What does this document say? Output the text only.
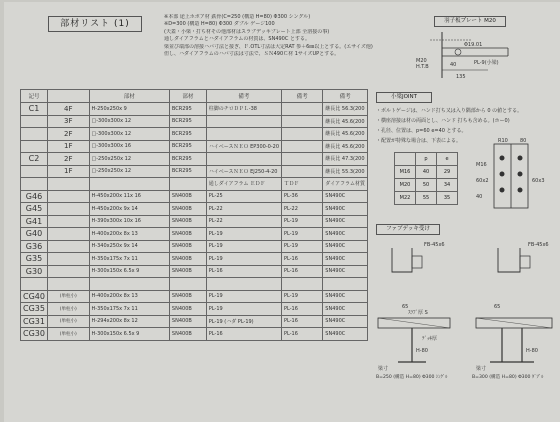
部材リスト (1)
※本部 途上ホボア材 鉄骨(C=250 (構造 H=80) Φ300 シングル)
※D=300 (構造 H=80) Φ300 ダブル ゲージ100
(天蓋・小梁・打ち材その他部材はスラブデッキプレート上部 全溶接の事)
通しダイアフラムとハダイアフラムの材質は、SN490C とする。
梁並び端部の溶接ハバ寸法と接ぎ、Ｆ.OTL寸法は大定RAT 参＋6㎜以上とする。(エサイズ他)
但し、ハダイアフラムのハバ寸法は寸法で、ＳＮ490Ｃ材 1サイズUPとする。
記号		部材	部材	備考	備考	備考
C1	4F	H-250x250x 9	BCR295	柱脚のチロＤＰＬ-38		継長比 56.3(200
	3F	□-300x300x 12	BCR295			継長比 45.6(200
	2F	□-300x300x 12	BCR295			継長比 45.6(200
	1F	□-300x300x 16	BCR295	ハイベースＮＥＯ EP300-0-20		継長比 45.6(200
C2	2F	□-250x250x 12	BCR295			継長比 47.3(200
	1F	□-250x250x 12	BCR295	ハイベースＮＥＯ EJ250-4-20		継長比 55.3(200
				通しダイアフラム ＥＤＦ	ＴＤＦ	ダイアフラム材質
G46		H-450x200x 11x 16	SN400B	PL-25	PL-36	SN490C
G45		H-450x200x 9x 14	SN400B	PL-22	PL-22	SN490C
G41		H-390x300x 10x 16	SN400B	PL-22	PL-19	SN490C
G40		H-400x200x 8x 13	SN400B	PL-19	PL-19	SN490C
G36		H-340x250x 9x 14	SN400B	PL-19	PL-19	SN490C
G35		H-350x175x 7x 11	SN400B	PL-19	PL-16	SN490C
G30		H-300x150x 6.5x 9	SN400B	PL-16	PL-16	SN490C

CG40	(単柱小)	H-400x200x 8x 13	SN400B	PL-19	PL-19	SN490C
CG35	(単柱小)	H-350x175x 7x 11	SN400B	PL-19	PL-16	SN490C
CG31	(単柱小)	H-294x200x 8x 12	SN400B	PL-19 (ハダ PL-19)	PL-16	SN490C
CG30	(単柱小)	H-300x150x 6.5x 9	SN400B	PL-16	PL-16	SN490C
羽子板プレート M20
M20
H.T.B	40
Φ19.01
PL-9(小梁)
135
小梁JOINT
・ボルトゲージは、ハンド打ち又は入り隅部から 0 の値とする。
・横座溶接は材の両面とし、ハンド 打ちも含める。(ホー0)
・孔径、位置は、p=60 e=40 とする。
・配置が特殊な場合は、下表による。
	p	e
M16	40	29
M20	50	34
M22	55	35
R10 80
M16
60x2
40
60x3
ファブデッキ受け
FB-45x6	FB-45x6
65	65
ｽﾗﾌﾞ厚 S
ﾃﾞｯｷ厚
H-80	H-80
梁寸	梁寸
B=250 (構造 H=80) Φ300 ｼﾝｸﾞﾙ	B=300 (構造 H=80) Φ300 ﾀﾞﾌﾞﾙ
